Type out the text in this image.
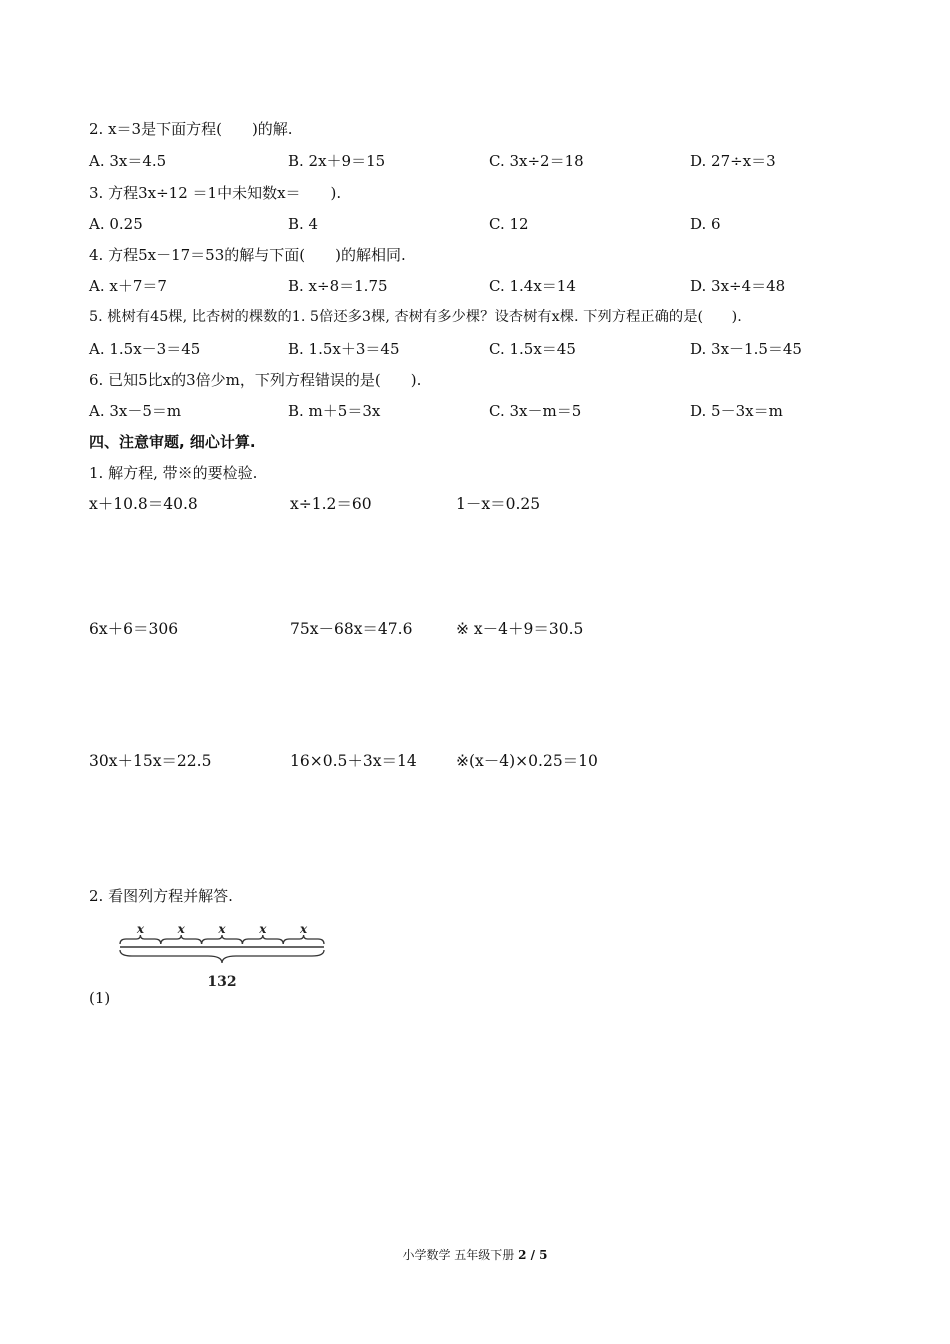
2. x＝3是下面方程(　　)的解.
A. 3x＝4.5	B. 2x＋9＝15	C. 3x÷2＝18	D. 27÷x＝3
3. 方程3x÷12 ＝1中未知数x＝　　).
A. 0.25	B. 4	C. 12	D. 6
4. 方程5x－17＝53的解与下面(　　)的解相同.
A. x＋7＝7	B. x÷8＝1.75	C. 1.4x＝14	D. 3x÷4＝48
5. 桃树有45棵, 比杏树的棵数的1. 5倍还多3棵, 杏树有多少棵？设杏树有x棵. 下列方程正确的是(　　).
A. 1.5x－3＝45	B. 1.5x＋3＝45	C. 1.5x＝45	D. 3x－1.5＝45
6. 已知5比x的3倍少m，下列方程错误的是(　　).
A. 3x－5＝m	B. m＋5＝3x	C. 3x－m＝5	D. 5－3x＝m
四、注意审题, 细心计算.
1. 解方程, 带※的要检验.
x＋10.8＝40.8	x÷1.2＝60	1－x＝0.25
6x＋6＝306	75x－68x＝47.6	※ x－4＋9＝30.5
30x＋15x＝22.5	16×0.5＋3x＝14	※(x－4)×0.25＝10
2. 看图列方程并解答.
132
x	x	x	x	x
(1)
小学数学 五年级下册 2 / 5
